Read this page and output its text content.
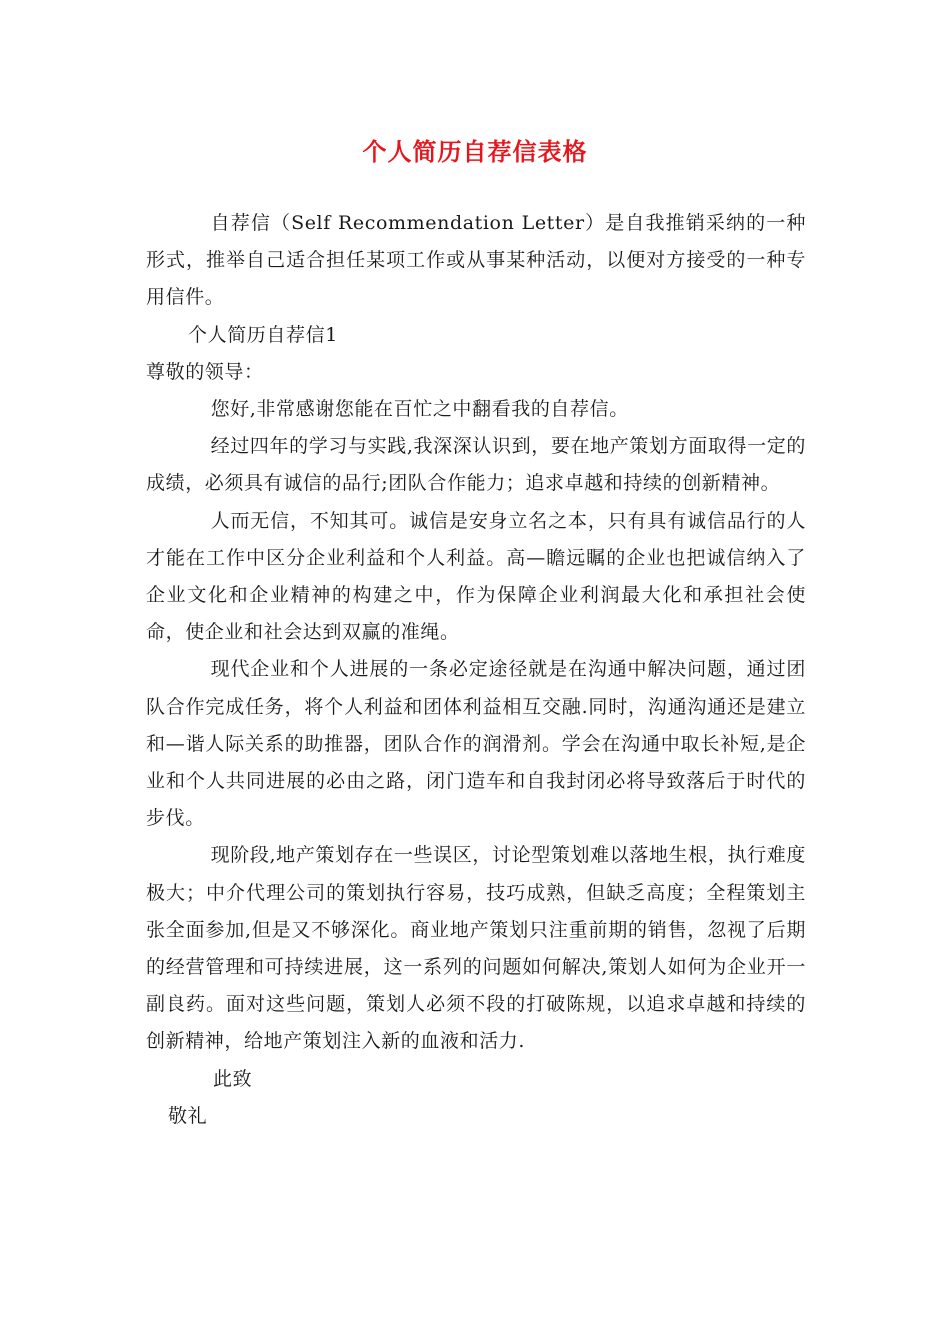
个人简历自荐信表格

自荐信（Self Recommendation Letter）是自我推销采纳的一种形式，推举自己适合担任某项工作或从事某种活动，以便对方接受的一种专用信件。

个人简历自荐信1

尊敬的领导：

您好,非常感谢您能在百忙之中翻看我的自荐信。

经过四年的学习与实践,我深深认识到，要在地产策划方面取得一定的成绩，必须具有诚信的品行;团队合作能力；追求卓越和持续的创新精神。

人而无信，不知其可。诚信是安身立名之本，只有具有诚信品行的人才能在工作中区分企业利益和个人利益。高—瞻远瞩的企业也把诚信纳入了企业文化和企业精神的构建之中，作为保障企业利润最大化和承担社会使命，使企业和社会达到双赢的准绳。

现代企业和个人进展的一条必定途径就是在沟通中解决问题，通过团队合作完成任务，将个人利益和团体利益相互交融.同时，沟通沟通还是建立和—谐人际关系的助推器，团队合作的润滑剂。学会在沟通中取长补短,是企业和个人共同进展的必由之路，闭门造车和自我封闭必将导致落后于时代的步伐。

现阶段,地产策划存在一些误区，讨论型策划难以落地生根，执行难度极大；中介代理公司的策划执行容易，技巧成熟，但缺乏高度；全程策划主张全面参加,但是又不够深化。商业地产策划只注重前期的销售，忽视了后期的经营管理和可持续进展，这一系列的问题如何解决,策划人如何为企业开一副良药。面对这些问题，策划人必须不段的打破陈规，以追求卓越和持续的创新精神，给地产策划注入新的血液和活力.

此致

敬礼
